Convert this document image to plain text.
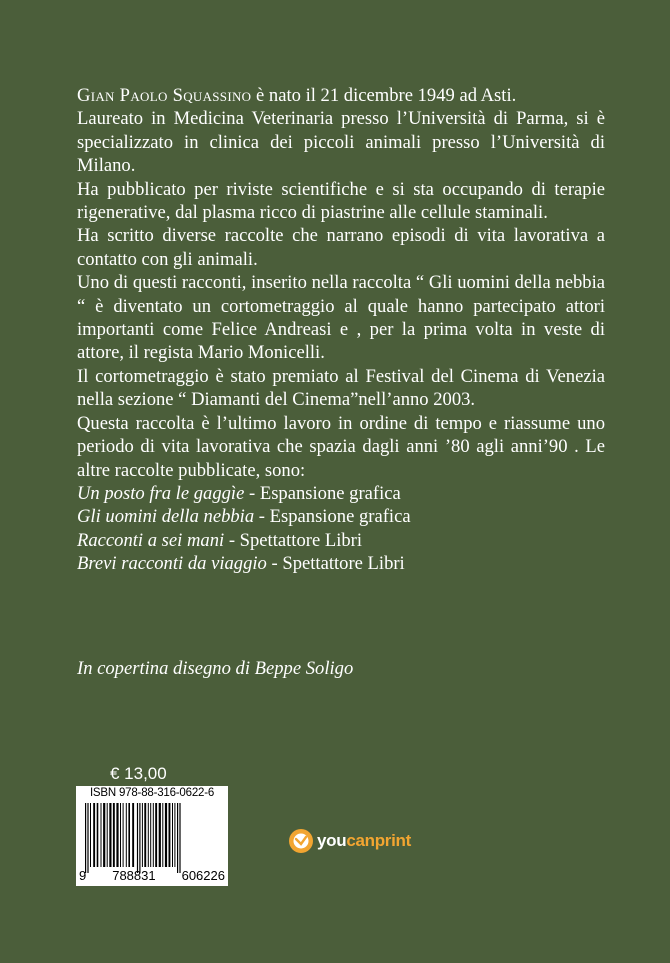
Gian Paolo Squassino è nato il 21 dicembre 1949 ad Asti.

Laureato in Medicina Veterinaria presso l’Università di Parma, si è specializzato in clinica dei piccoli animali presso l’Università di Milano.

Ha pubblicato per riviste scientifiche e si sta occupando di terapie rigenerative, dal plasma ricco di piastrine alle cellule staminali.

Ha scritto diverse raccolte che narrano episodi di vita lavorativa a contatto con gli animali.

Uno di questi racconti, inserito nella raccolta “ Gli uomini della nebbia “ è diventato un cortometraggio al quale hanno partecipato attori importanti come Felice Andreasi e , per la prima volta in veste di attore, il regista Mario Monicelli.

Il cortometraggio è stato premiato al Festival del Cinema di Venezia nella sezione “ Diamanti del Cinema”nell’anno 2003.

Questa raccolta è l’ultimo lavoro in ordine di tempo e riassume uno periodo di vita lavorativa che spazia dagli anni ’80 agli anni’90 . Le altre raccolte pubblicate, sono:

Un posto fra le gaggìe - Espansione grafica

Gli uomini della nebbia - Espansione grafica

Racconti a sei mani - Spettattore Libri

Brevi racconti da viaggio - Spettattore Libri

In copertina disegno di Beppe Soligo
€ 13,00
ISBN 978-88-316-0622-6
9 788831 606226
youcanprint
